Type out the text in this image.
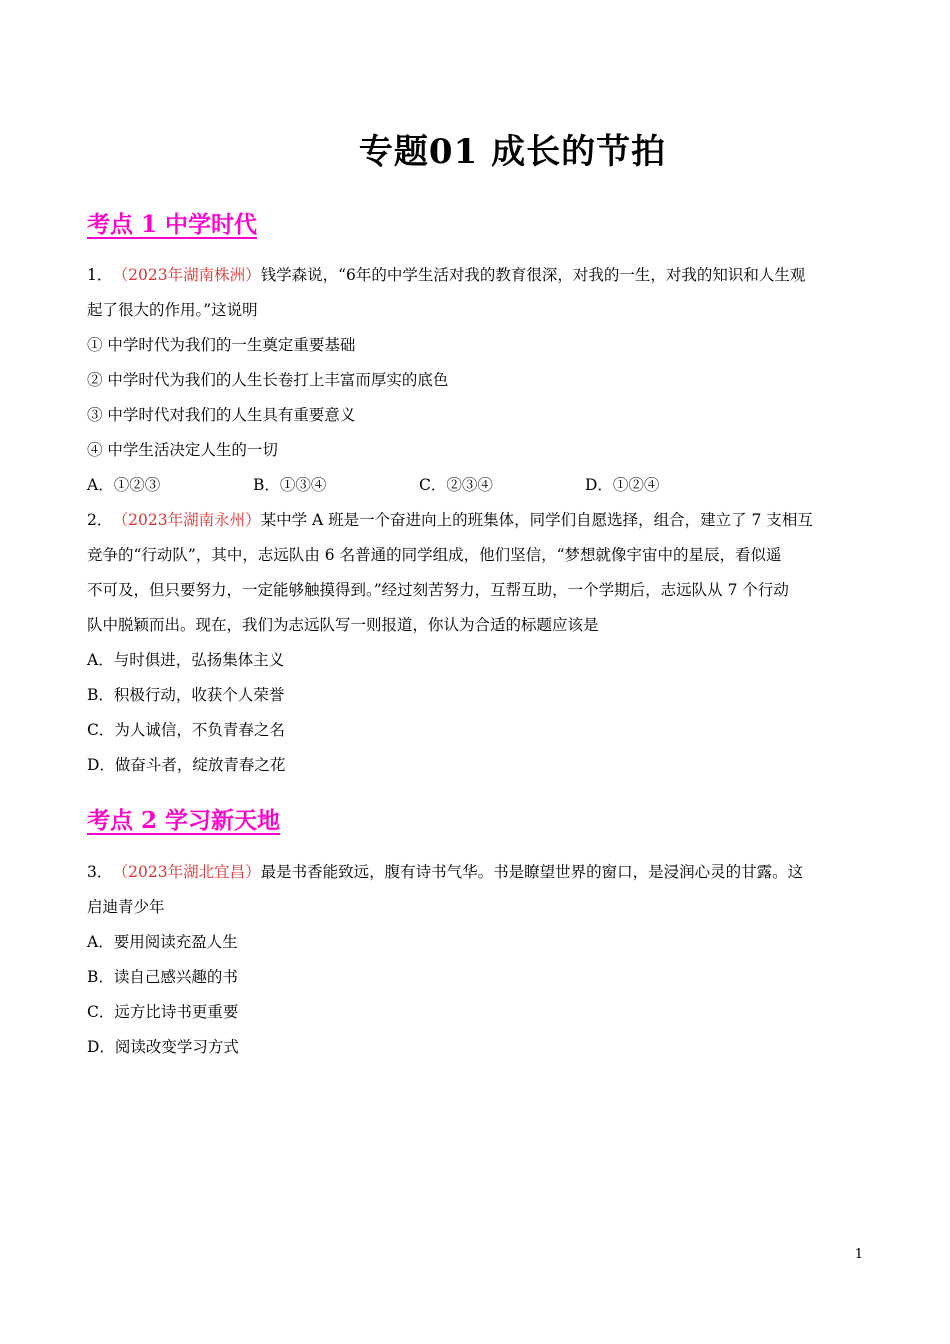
专题01 成长的节拍
考点 1 中学时代
1． （2023年湖南株洲）钱学森说，“6年的中学生活对我的教育很深，对我的一生，对我的知识和人生观
起了很大的作用。”这说明
① 中学时代为我们的一生奠定重要基础
② 中学时代为我们的人生长卷打上丰富而厚实的底色
③ 中学时代对我们的人生具有重要意义
④ 中学生活决定人生的一切
A．①②③	B．①③④	C．②③④	D．①②④
2． （2023年湖南永州）某中学 A 班是一个奋进向上的班集体，同学们自愿选择，组合，建立了 7 支相互
竞争的“行动队”，其中，志远队由 6 名普通的同学组成，他们坚信，“梦想就像宇宙中的星辰，看似遥
不可及，但只要努力，一定能够触摸得到。”经过刻苦努力，互帮互助，一个学期后，志远队从 7 个行动
队中脱颖而出。现在，我们为志远队写一则报道，你认为合适的标题应该是
A．与时俱进，弘扬集体主义
B．积极行动，收获个人荣誉
C．为人诚信，不负青春之名
D．做奋斗者，绽放青春之花
考点 2 学习新天地
3． （2023年湖北宜昌）最是书香能致远，腹有诗书气华。书是瞭望世界的窗口，是浸润心灵的甘露。这
启迪青少年
A．要用阅读充盈人生
B．读自己感兴趣的书
C．远方比诗书更重要
D．阅读改变学习方式
1
